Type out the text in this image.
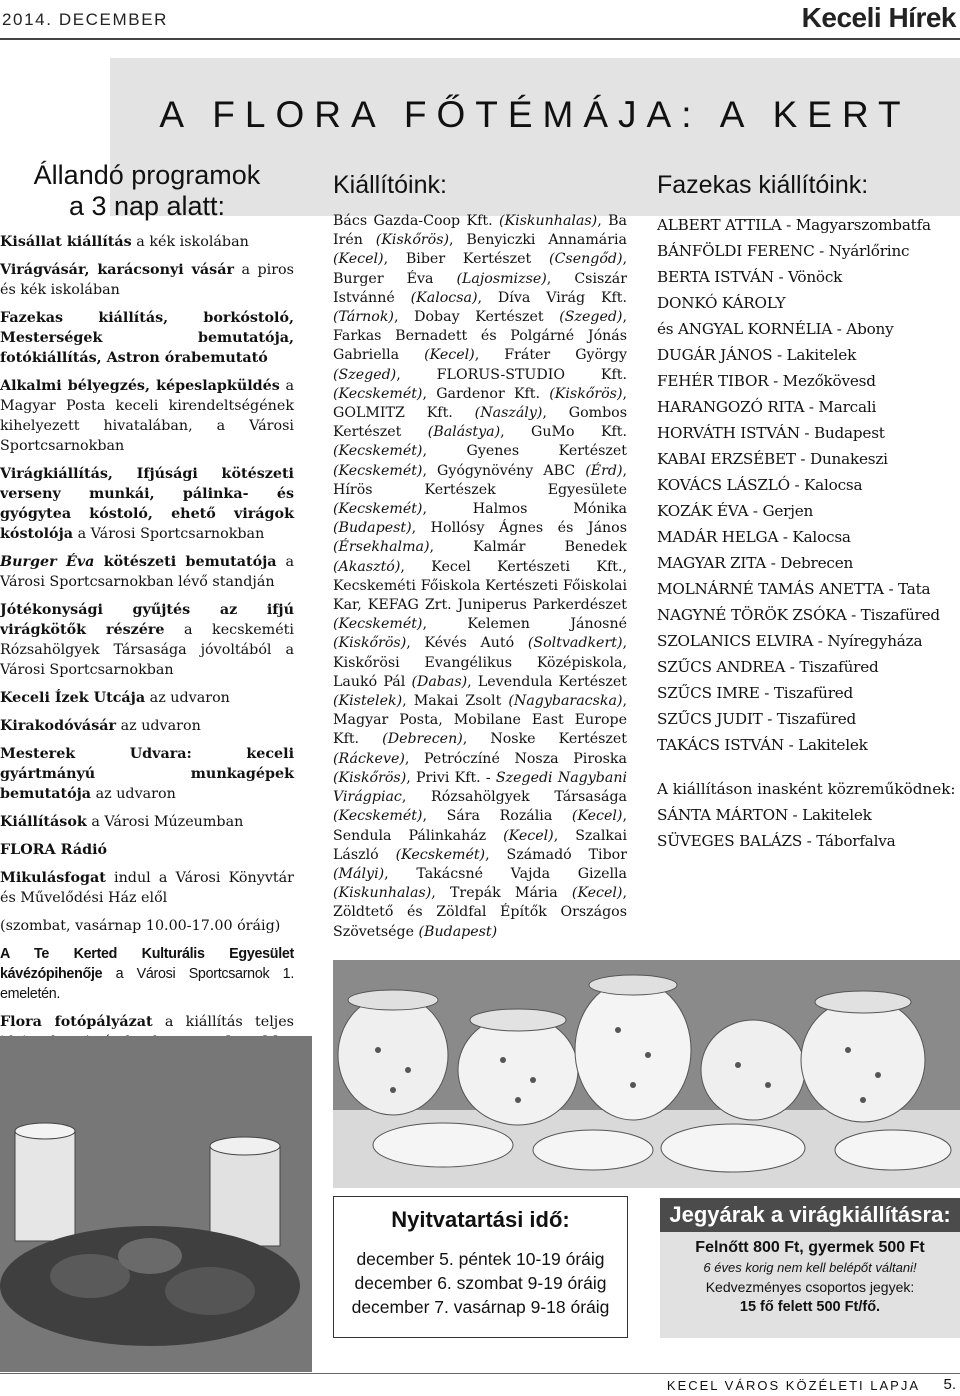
2014. DECEMBER	Keceli Hírek
A FLORA FŐTÉMÁJA: A KERT
Állandó programok
a 3 nap alatt:

Kisállat kiállítás a kék iskolában

Virágvásár, karácsonyi vásár a piros és kék iskolában

Fazekas kiállítás, borkóstoló, Mesterségek bemutatója, fotókiállítás, Astron órabemutató

Alkalmi bélyegzés, képeslapküldés a Magyar Posta keceli kirendeltségének kihelyezett hivatalában, a Városi Sportcsarnokban

Virágkiállítás, Ifjúsági kötészeti verseny munkái, pálinka- és gyógytea kóstoló, ehető virágok kóstolója a Városi Sportcsarnokban

Burger Éva kötészeti bemutatója a Városi Sportcsarnokban lévő standján

Jótékonysági gyűjtés az ifjú virágkötők részére a kecskeméti Rózsahölgyek Társasága jóvoltából a Városi Sportcsarnokban

Keceli Ízek Utcája az udvaron

Kirakodóvásár az udvaron

Mesterek Udvara: keceli gyártmányú munkagépek bemutatója az udvaron

Kiállítások a Városi Múzeumban

FLORA Rádió

Mikulásfogat indul a Városi Könyvtár és Művelődési Ház elől

(szombat, vasárnap 10.00-17.00 óráig)

A Te Kerted Kulturális Egyesület kávézópihenője a Városi Sportcsarnok 1. emeletén.

Flora fotópályázat a kiállítás teljes

Kiállítóink:
Bács Gazda-Coop Kft. (Kiskunhalas), Ba Irén (Kiskőrös), Benyiczki Annamária (Kecel), Biber Kertészet (Csengőd), Burger Éva (Lajosmizse), Csiszár Istvánné (Kalocsa), Díva Virág Kft. (Tárnok), Dobay Kertészet (Szeged), Farkas Bernadett és Polgárné Jónás Gabriella (Kecel), Fráter György (Szeged), FLORUS-STUDIO Kft. (Kecskemét), Gardenor Kft. (Kiskőrös), GOLMITZ Kft. (Naszály), Gombos Kertészet (Balástya), GuMo Kft. (Kecskemét), Gyenes Kertészet (Kecskemét), Gyógynövény ABC (Érd), Hírös Kertészek Egyesülete (Kecskemét), Halmos Mónika (Budapest), Hollósy Ágnes és János (Érsekhalma), Kalmár Benedek (Akasztó), Kecel Kertészeti Kft., Kecskeméti Főiskola Kertészeti Főiskolai Kar, KEFAG Zrt. Juniperus Parkerdészet (Kecskemét), Kelemen Jánosné (Kiskőrös), Kévés Autó (Soltvadkert), Kiskőrösi Evangélikus Középiskola, Laukó Pál (Dabas), Levendula Kertészet (Kistelek), Makai Zsolt (Nagybaracska), Magyar Posta, Mobilane East Europe Kft. (Debrecen), Noske Kertészet (Ráckeve), Petróczíné Nosza Piroska (Kiskőrös), Privi Kft. - Szegedi Nagybani Virágpiac, Rózsahölgyek Társasága (Kecskemét), Sára Rozália (Kecel), Sendula Pálinkaház (Kecel), Szalkai László (Kecskemét), Számadó Tibor (Mályi), Takácsné Vajda Gizella (Kiskunhalas), Trepák Mária (Kecel), Zöldtető és Zöldfal Építők Országos Szövetsége (Budapest)
Fazekas kiállítóink:
ALBERT ATTILA - Magyarszombatfa
BÁNFÖLDI FERENC - Nyárlőrinc
BERTA ISTVÁN - Vönöck
DONKÓ KÁROLY
és ANGYAL KORNÉLIA - Abony
DUGÁR JÁNOS - Lakitelek
FEHÉR TIBOR - Mezőkövesd
HARANGOZÓ RITA - Marcali
HORVÁTH ISTVÁN - Budapest
KABAI ERZSÉBET - Dunakeszi
KOVÁCS LÁSZLÓ - Kalocsa
KOZÁK ÉVA - Gerjen
MADÁR HELGA - Kalocsa
MAGYAR ZITA - Debrecen
MOLNÁRNÉ TAMÁS ANETTA - Tata
NAGYNÉ TÖRÖK ZSÓKA - Tiszafüred
SZOLANICS ELVIRA - Nyíregyháza
SZŰCS ANDREA - Tiszafüred
SZŰCS IMRE - Tiszafüred
SZŰCS JUDIT - Tiszafüred
TAKÁCS ISTVÁN - Lakitelek
A kiállításon inasként közreműködnek:
SÁNTA MÁRTON - Lakitelek
SÜVEGES BALÁZS - Táborfalva
Nyitvatartási idő:
december 5. péntek 10-19 óráig
december 6. szombat 9-19 óráig
december 7. vasárnap 9-18 óráig
Jegyárak a virágkiállításra:
Felnőtt 800 Ft, gyermek 500 Ft
6 éves korig nem kell belépőt váltani!
Kedvezményes csoportos jegyek:
15 fő felett 500 Ft/fő.
KECEL VÁROS KÖZÉLETI LAPJA 5.
